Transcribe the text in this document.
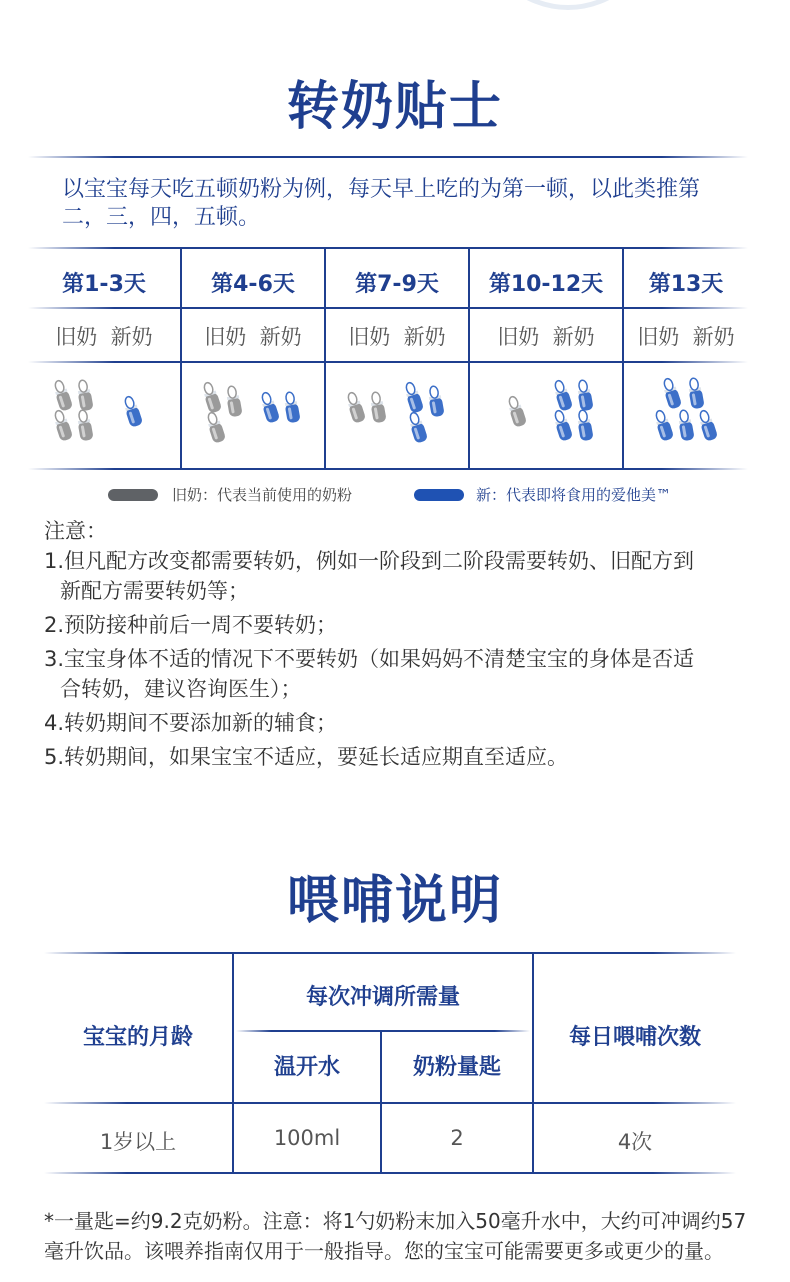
转奶贴士
以宝宝每天吃五顿奶粉为例，每天早上吃的为第一顿，以此类推第二，三，四，五顿。
第1-3天	第4-6天	第7-9天	第10-12天	第13天
旧奶 新奶	旧奶 新奶	旧奶 新奶	旧奶 新奶	旧奶 新奶
旧奶：代表当前使用的奶粉	新：代表即将食用的爱他美™
注意：
1.但凡配方改变都需要转奶，例如一阶段到二阶段需要转奶、旧配方到
新配方需要转奶等；
2.预防接种前后一周不要转奶；
3.宝宝身体不适的情况下不要转奶（如果妈妈不清楚宝宝的身体是否适
合转奶，建议咨询医生）；
4.转奶期间不要添加新的辅食；
5.转奶期间，如果宝宝不适应，要延长适应期直至适应。
喂哺说明
宝宝的月龄
每次冲调所需量
温开水	奶粉量匙
每日喂哺次数
1岁以上	100ml	2	4次
*一量匙=约9.2克奶粉。注意：将1勺奶粉末加入50毫升水中，大约可冲调约57毫升饮品。该喂养指南仅用于一般指导。您的宝宝可能需要更多或更少的量。
